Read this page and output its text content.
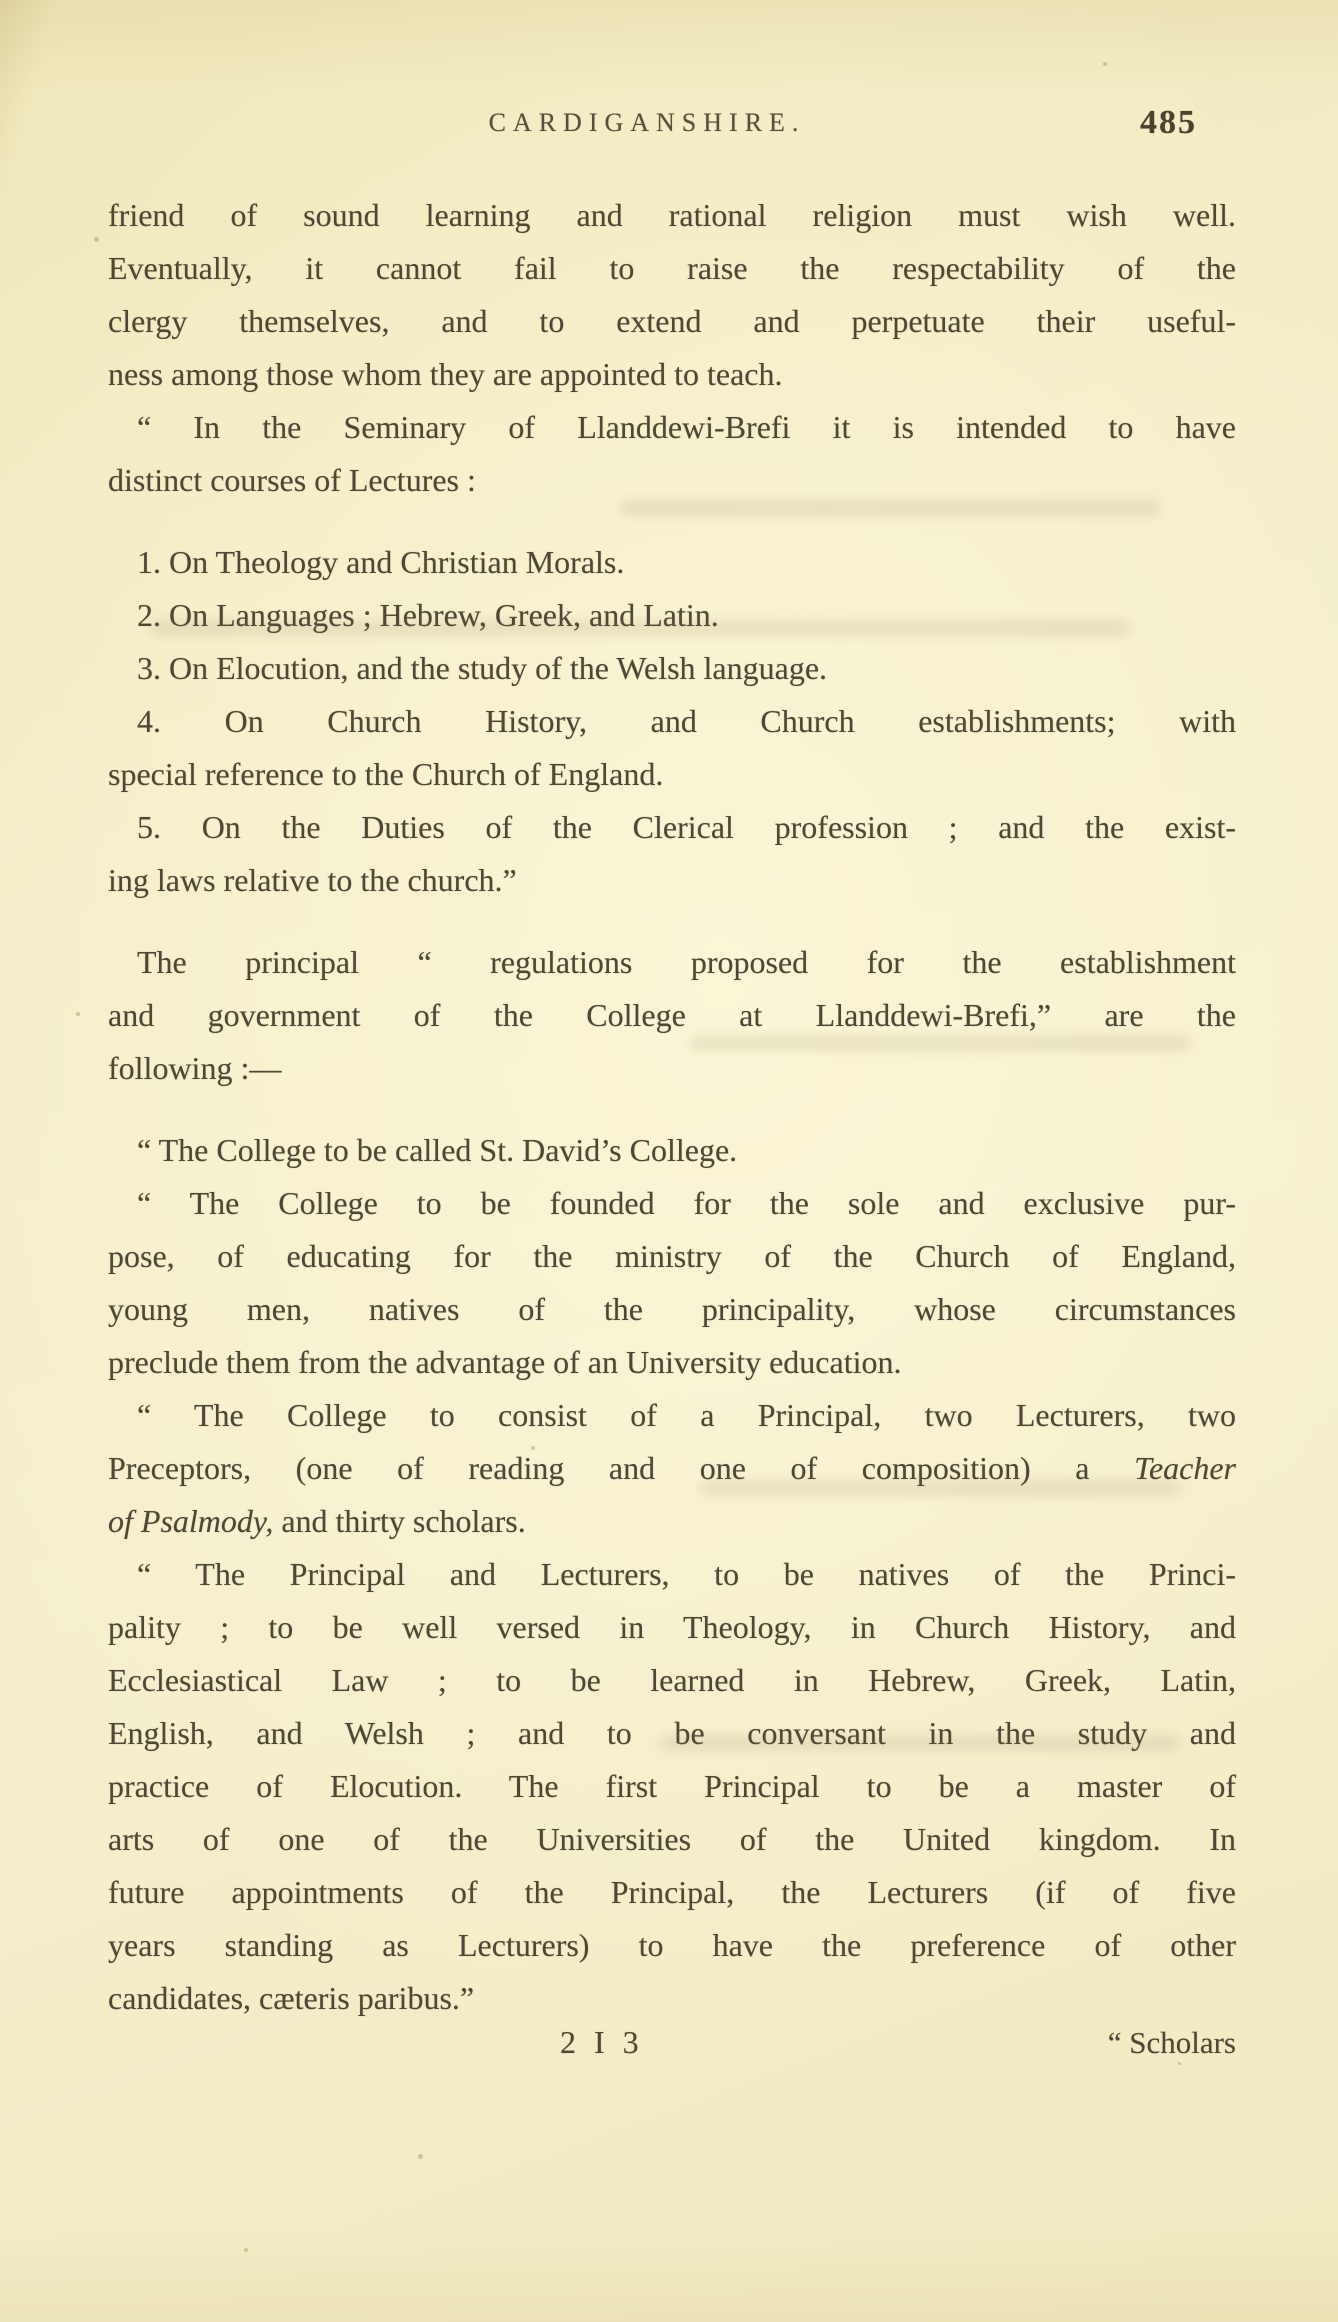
CARDIGANSHIRE.	485
friend of sound learning and rational religion must wish well.
Eventually, it cannot fail to raise the respectability of the
clergy themselves, and to extend and perpetuate their useful-
ness among those whom they are appointed to teach.
“ In the Seminary of Llanddewi-Brefi it is intended to have
distinct courses of Lectures :
1. On Theology and Christian Morals.
2. On Languages ; Hebrew, Greek, and Latin.
3. On Elocution, and the study of the Welsh language.
4. On Church History, and Church establishments; with
special reference to the Church of England.
5. On the Duties of the Clerical profession ; and the exist-
ing laws relative to the church.”
The principal “ regulations proposed for the establishment
and government of the College at Llanddewi-Brefi,” are the
following :—
“ The College to be called St. David’s College.
“ The College to be founded for the sole and exclusive pur-
pose, of educating for the ministry of the Church of England,
young men, natives of the principality, whose circumstances
preclude them from the advantage of an University education.
“ The College to consist of a Principal, two Lecturers, two
Preceptors, (one of reading and one of composition) a Teacher
of Psalmody, and thirty scholars.
“ The Principal and Lecturers, to be natives of the Princi-
pality ; to be well versed in Theology, in Church History, and
Ecclesiastical Law ; to be learned in Hebrew, Greek, Latin,
English, and Welsh ; and to be conversant in the study and
practice of Elocution. The first Principal to be a master of
arts of one of the Universities of the United kingdom. In
future appointments of the Principal, the Lecturers (if of five
years standing as Lecturers) to have the preference of other
candidates, cæteris paribus.”
2 I 3	“ Scholars
